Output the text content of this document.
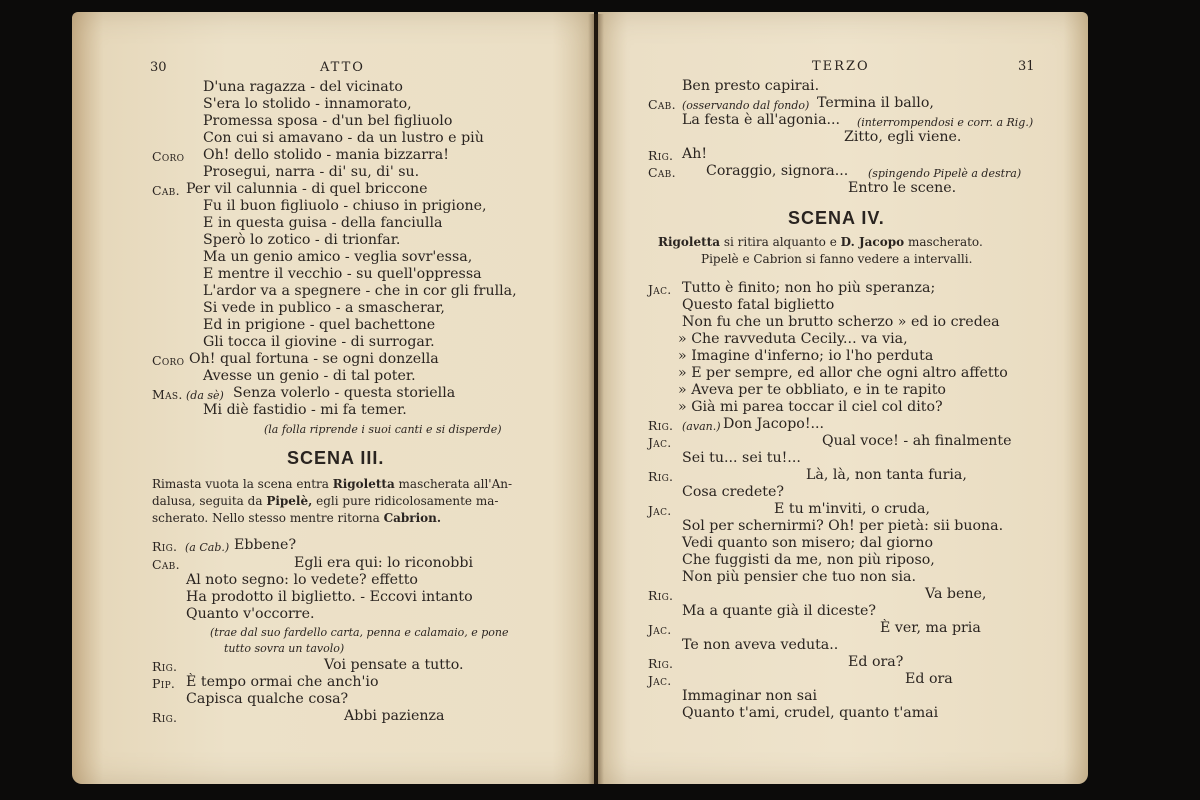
30	ATTO
D'una ragazza - del vicinato
S'era lo stolido - innamorato,
Promessa sposa - d'un bel figliuolo
Con cui si amavano - da un lustro e più
Coro Oh! dello stolido - mania bizzarra!
Prosegui, narra - di' su, di' su.
Cab. Per vil calunnia - di quel briccone
Fu il buon figliuolo - chiuso in prigione,
E in questa guisa - della fanciulla
Sperò lo zotico - di trionfar.
Ma un genio amico - veglia sovr'essa,
E mentre il vecchio - su quell'oppressa
L'ardor va a spegnere - che in cor gli frulla,
Si vede in publico - a smascherar,
Ed in prigione - quel bachettone
Gli tocca il giovine - di surrogar.
Coro Oh! qual fortuna - se ogni donzella
Avesse un genio - di tal poter.
Mas. (da sè) Senza volerlo - questa storiella
Mi diè fastidio - mi fa temer.
(la folla riprende i suoi canti e si disperde)
SCENA III.
Rimasta vuota la scena entra Rigoletta mascherata all'An-
dalusa, seguita da Pipelè, egli pure ridicolosamente ma-
scherato. Nello stesso mentre ritorna Cabrion.
Rig. (a Cab.) Ebbene?
Cab.	Egli era qui: lo riconobbi
Al noto segno: lo vedete? effetto
Ha prodotto il biglietto. - Eccovi intanto
Quanto v'occorre.
(trae dal suo fardello carta, penna e calamaio, e pone
tutto sovra un tavolo)
Rig.	Voi pensate a tutto.
Pip. È tempo ormai che anch'io
Capisca qualche cosa?
Rig.	Abbi pazienza
TERZO	31
Ben presto capirai.
Cab. (osservando dal fondo) Termina il ballo,
La festa è all'agonia... (interrompendosi e corr. a Rig.)
Zitto, egli viene.
Rig. Ah!
Cab. Coraggio, signora... (spingendo Pipelè a destra)
Entro le scene.
SCENA IV.
Rigoletta si ritira alquanto e D. Jacopo mascherato.
Pipelè e Cabrion si fanno vedere a intervalli.
Jac. Tutto è finito; non ho più speranza;
Questo fatal biglietto
Non fu che un brutto scherzo » ed io credea
» Che ravveduta Cecily... va via,
» Imagine d'inferno; io l'ho perduta
» E per sempre, ed allor che ogni altro affetto
» Aveva per te obbliato, e in te rapito
» Già mi parea toccar il ciel col dito?
Rig. (avan.) Don Jacopo!...
Jac.	Qual voce! - ah finalmente
Sei tu... sei tu!...
Rig.	Là, là, non tanta furia,
Cosa credete?
Jac.	E tu m'inviti, o cruda,
Sol per schernirmi? Oh! per pietà: sii buona.
Vedi quanto son misero; dal giorno
Che fuggisti da me, non più riposo,
Non più pensier che tuo non sia.
Rig.	Va bene,
Ma a quante già il diceste?
Jac.	È ver, ma pria
Te non aveva veduta..
Rig.	Ed ora?
Jac.	Ed ora
Immaginar non sai
Quanto t'ami, crudel, quanto t'amai
